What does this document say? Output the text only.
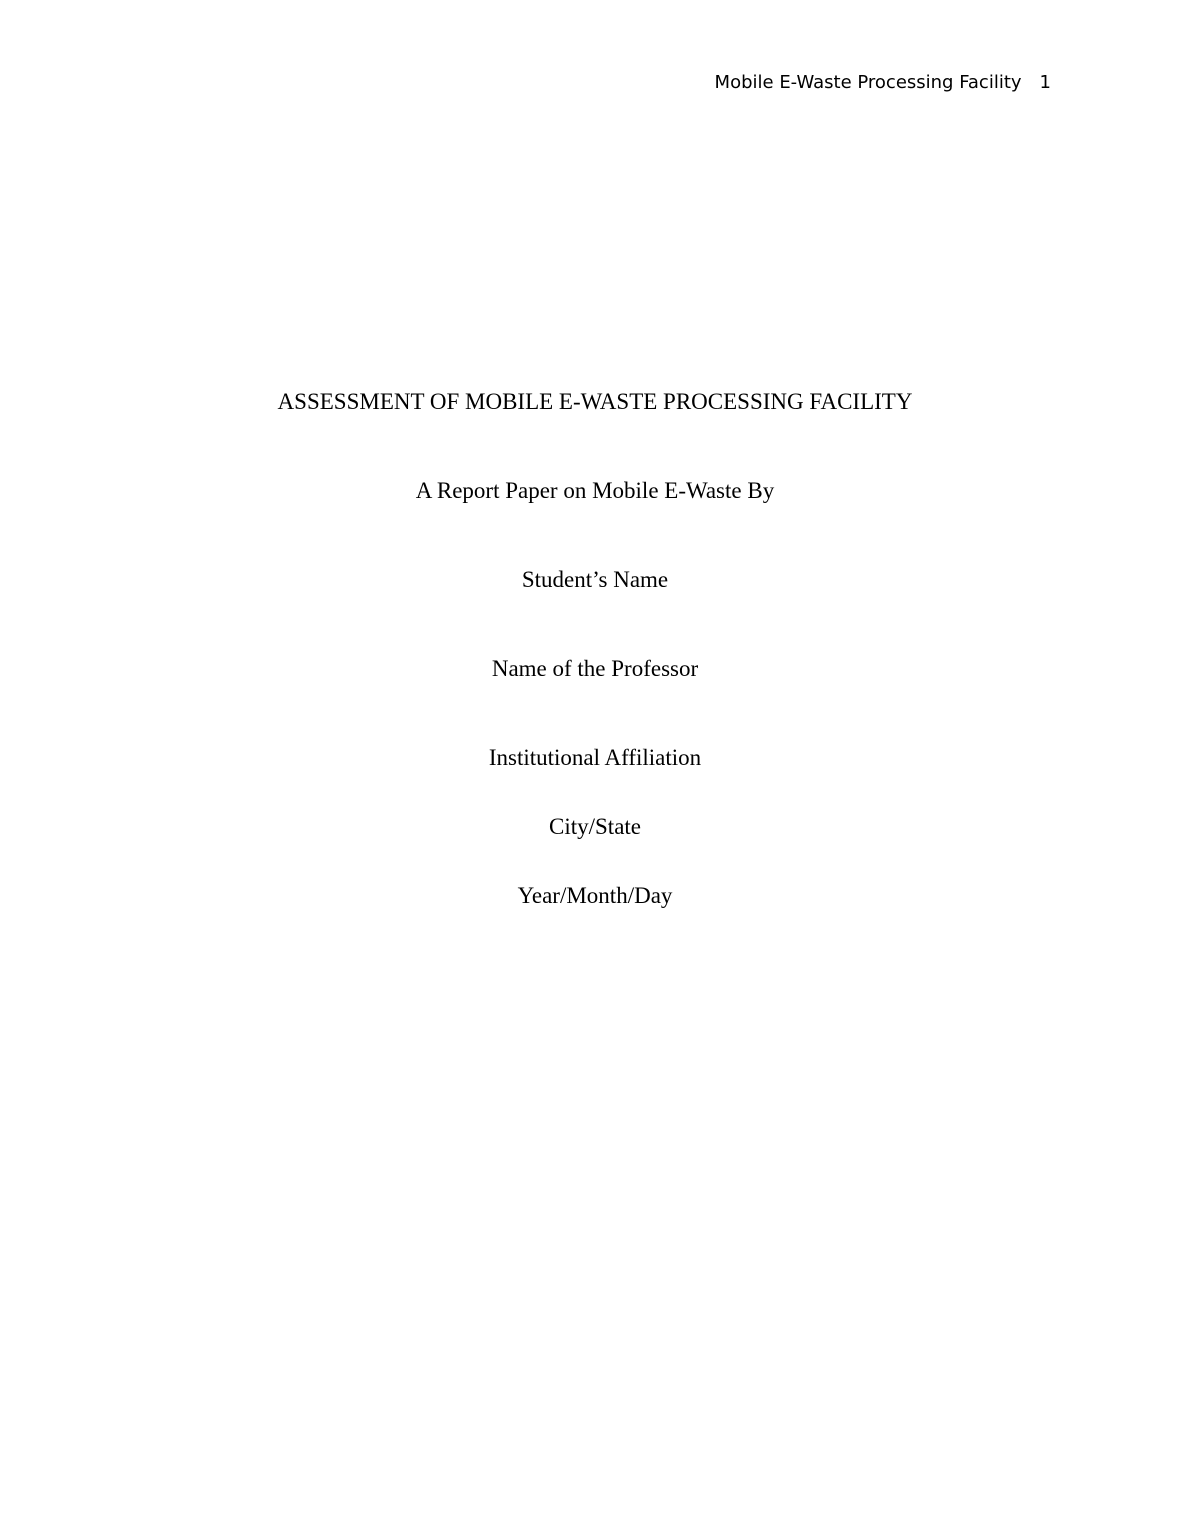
Mobile E-Waste Processing Facility 1
ASSESSMENT OF MOBILE E-WASTE PROCESSING FACILITY
A Report Paper on Mobile E-Waste By
Student’s Name
Name of the Professor
Institutional Affiliation
City/State
Year/Month/Day
